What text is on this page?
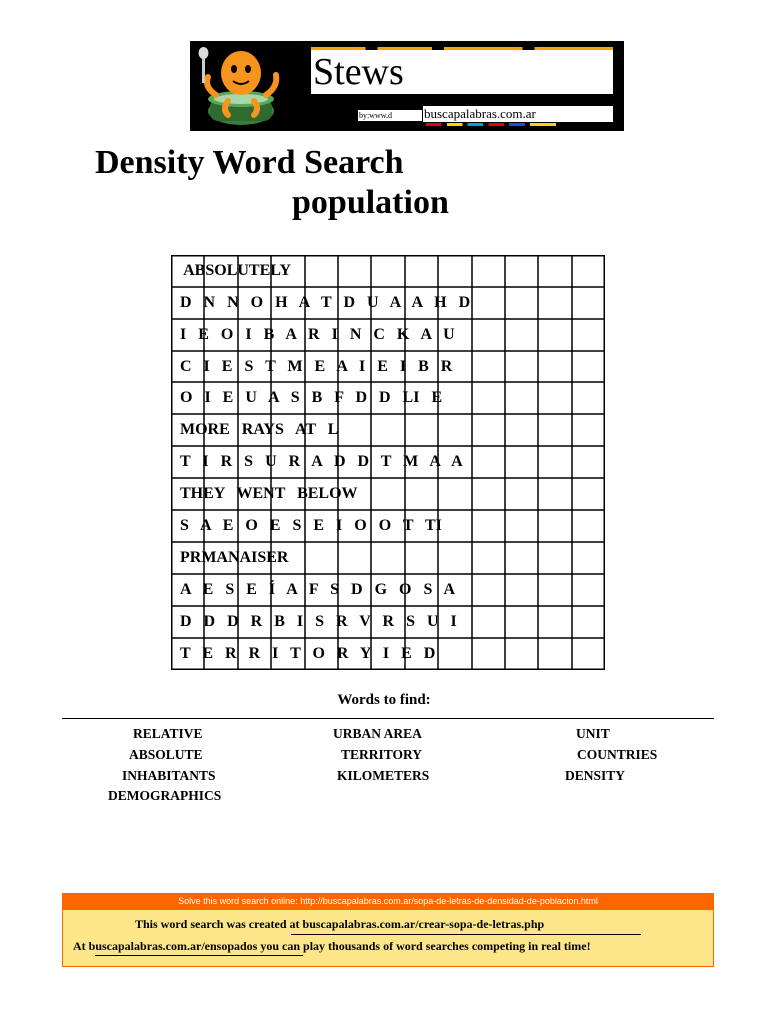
Stews
by:www.d buscapalabras.com.ar
Density Word Search
population
ABSOLUTELY
D   N   N   O   H   A   T   D   U   A   A   H   D
I   E   O   I   B   A   R   I   N   C   K   A   U
C   I   E   S   T   M   E   A   I   E   I   B   R
O   I   E   U   A   S   B   F   D   D   LI   E
MORE   RAYS   AT   L
T   I   R   S   U   R   A   D   D   T   M   A   A
THEY   WENT   BELOW
S   A   E   O   E   S   E   I   O   O   T   TI
PRMANAISER
A   E   S   E   Í   A   F   S   D   G   O   S   A
D   D   D   R   B   I   S   R   V   R   S   U   I
T   E   R   R   I   T   O   R   Y   I   E   D
Words to find:
RELATIVE	URBAN AREA	UNIT
ABSOLUTE	TERRITORY	COUNTRIES
INHABITANTS	KILOMETERS	DENSITY
DEMOGRAPHICS
Solve this word search online: http://buscapalabras.com.ar/sopa-de-letras-de-densidad-de-poblacion.html
This word search was created at buscapalabras.com.ar/crear-sopa-de-letras.php
At buscapalabras.com.ar/ensopados you can play thousands of word searches competing in real time!
